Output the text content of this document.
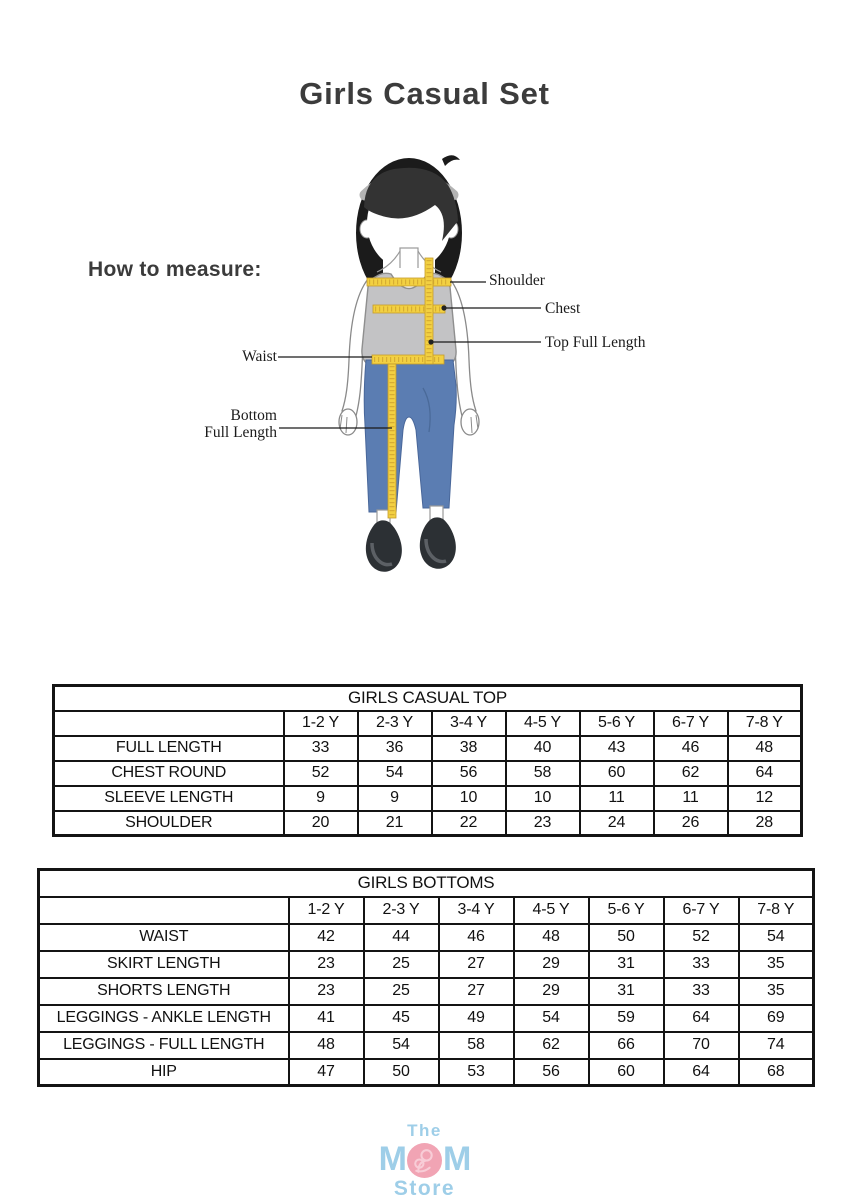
Girls Casual Set
How to measure:	Shoulder
Chest
Top Full Length
Waist
Bottom
Full Length
GIRLS CASUAL TOP							
	1-2 Y	2-3 Y	3-4 Y	4-5 Y	5-6 Y	6-7 Y	7-8 Y
FULL LENGTH	33	36	38	40	43	46	48
CHEST ROUND	52	54	56	58	60	62	64
SLEEVE LENGTH	9	9	10	10	11	11	12
SHOULDER	20	21	22	23	24	26	28
GIRLS BOTTOMS							
	1-2 Y	2-3 Y	3-4 Y	4-5 Y	5-6 Y	6-7 Y	7-8 Y
WAIST	42	44	46	48	50	52	54
SKIRT LENGTH	23	25	27	29	31	33	35
SHORTS LENGTH	23	25	27	29	31	33	35
LEGGINGS - ANKLE LENGTH	41	45	49	54	59	64	69
LEGGINGS - FULL LENGTH	48	54	58	62	66	70	74
HIP	47	50	53	56	60	64	68
The
M M
Store
